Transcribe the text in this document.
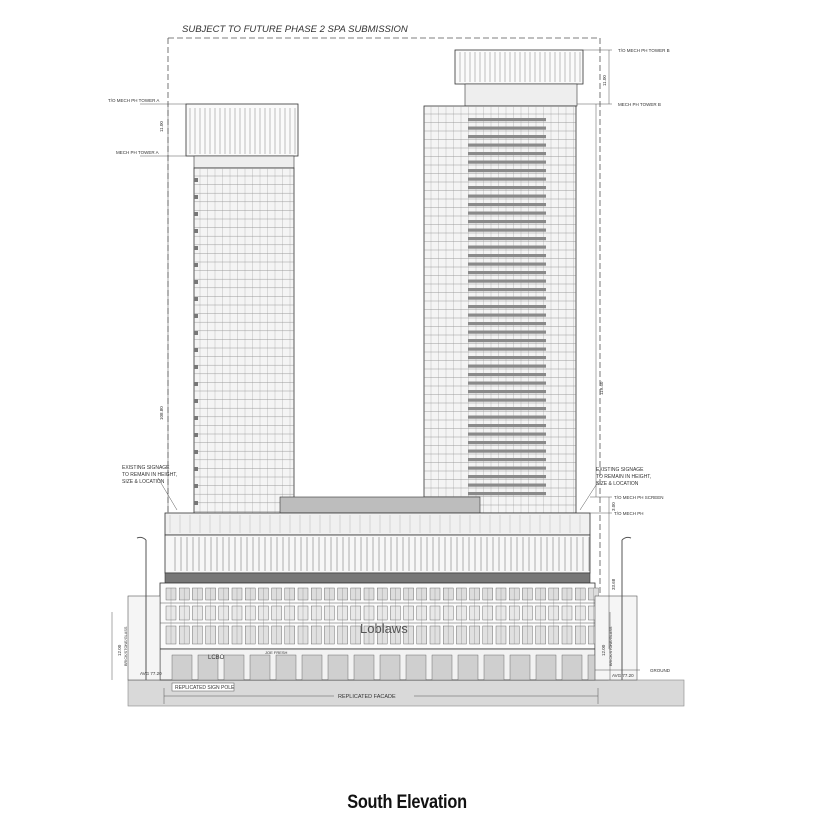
SUBJECT TO FUTURE PHASE 2 SPA SUBMISSION
Loblaws
LCBO
JOE FRESH
T/O MECH PH TOWER A
MECH PH TOWER A
T/O MECH PH TOWER B
MECH PH TOWER B
T/O MECH PH SCREEN
T/O MECH PH
GROUND
AVG 77.20	AVG 77.20
11.00
108.80
11.00
119.40
3.00
33.68
12.00 BRICK/STONE/GLASS	12.00 BRICK/STONE/GLASS
EXISTING SIGNAGE
TO REMAIN IN HEIGHT,
SIZE & LOCATION
EXISTING SIGNAGE
TO REMAIN IN HEIGHT,
SIZE & LOCATION
REPLICATED SIGN POLE
REPLICATED FACADE
South Elevation
